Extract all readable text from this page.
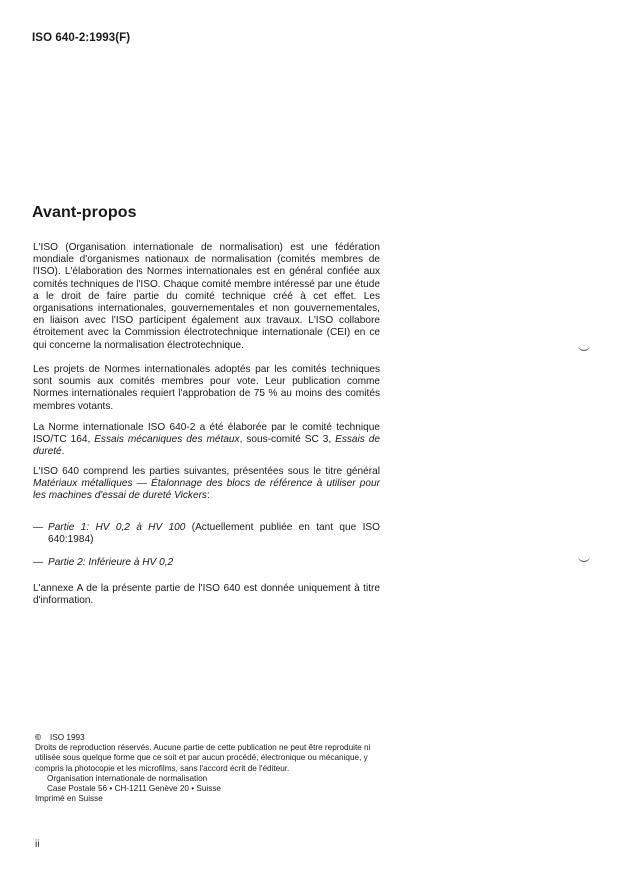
ISO 640-2:1993(F)
Avant-propos

L'ISO (Organisation internationale de normalisation) est une fédération mondiale d'organismes nationaux de normalisation (comités membres de l'ISO). L'élaboration des Normes internationales est en général confiée aux comités techniques de l'ISO. Chaque comité membre intéressé par une étude a le droit de faire partie du comité technique créé à cet effet. Les organisations internationales, gouvernementales et non gouvernementales, en liaison avec l'ISO participent également aux travaux. L'ISO collabore étroitement avec la Commission électrotechnique internationale (CEI) en ce qui concerne la normalisation électrotechnique.

Les projets de Normes internationales adoptés par les comités techniques sont soumis aux comités membres pour vote. Leur publication comme Normes internationales requiert l'approbation de 75 % au moins des comités membres votants.

La Norme internationale ISO 640-2 a été élaborée par le comité technique ISO/TC 164, Essais mécaniques des métaux, sous-comité SC 3, Essais de dureté.

L'ISO 640 comprend les parties suivantes, présentées sous le titre général Matériaux métalliques — Étalonnage des blocs de référence à utiliser pour les machines d'essai de dureté Vickers:

— Partie 1: HV 0,2 à HV 100 (Actuellement publiée en tant que ISO 640:1984)
— Partie 2: Inférieure à HV 0,2

L'annexe A de la présente partie de l'ISO 640 est donnée uniquement à titre d'information.

© ISO 1993

Droits de reproduction réservés. Aucune partie de cette publication ne peut être reproduite ni utilisée sous quelque forme que ce soit et par aucun procédé, électronique ou mécanique, y compris la photocopie et les microfilms, sans l'accord écrit de l'éditeur.

Organisation internationale de normalisation

Case Postale 56 • CH-1211 Genève 20 • Suisse

Imprimé en Suisse

ii
